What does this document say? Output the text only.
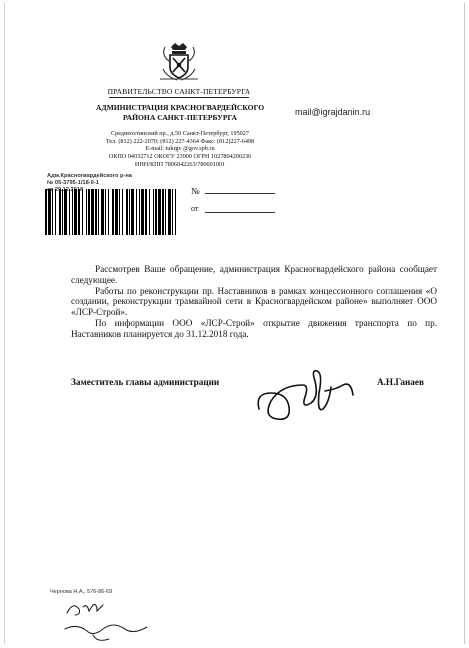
ПРАВИТЕЛЬСТВО САНКТ-ПЕТЕРБУРГА
АДМИНИСТРАЦИЯ КРАСНОГВАРДЕЙСКОГО
РАЙОНА САНКТ-ПЕТЕРБУРГА
Среднеохтинский пр., д.50 Санкт-Петербург, 195027
Тел. (812) 222-2070; (812) 227-4364 Факс: (812)227-6498
E-mail: tukrgv @gov.spb.ru
ОКПО 04032712 ОКОГУ 23900 ОГРН 1027804200236
ИНН/КПП 7806042263/780601001
mail@igrajdanin.ru
Адм.Красногвардейского р-на
№ 05-3795-1/18-0-1
29.12.2018	№
от

Рассмотрев Ваше обращение, администрация Красногвардейского района сообщает следующее.

Работы по реконструкции пр. Наставников в рамках концессионного соглашения «О создании, реконструкции трамвайной сети в Красногвардейском районе» выполняет ООО «ЛСР-Строй».

По информации ООО «ЛСР-Строй» открытие движения транспорта по пр. Наставников планируется до 31.12.2018 года.

Заместитель главы администрации	А.Н.Ганаев
Чернова Н.А., 576-86-69
